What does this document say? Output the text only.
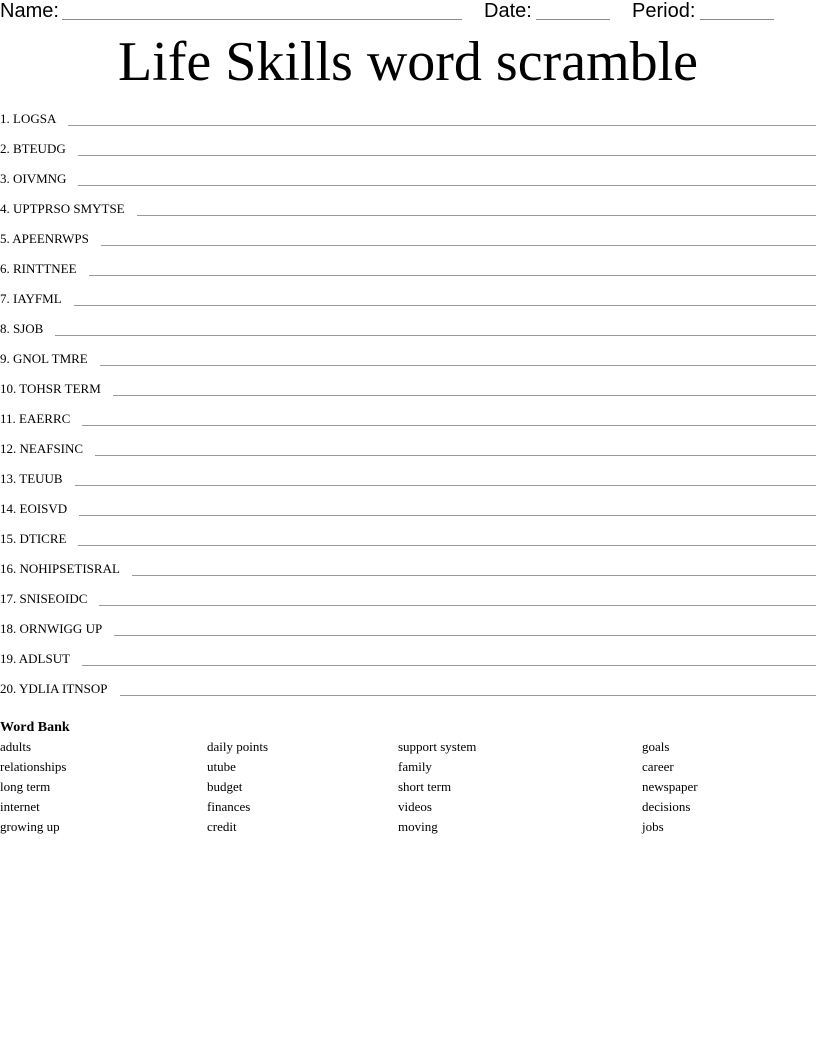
Name:	Date:	Period:
Life Skills word scramble
1. LOGSA
2. BTEUDG
3. OIVMNG
4. UPTPRSO SMYTSE
5. APEENRWPS
6. RINTTNEE
7. IAYFML
8. SJOB
9. GNOL TMRE
10. TOHSR TERM
11. EAERRC
12. NEAFSINC
13. TEUUB
14. EOISVD
15. DTICRE
16. NOHIPSETISRAL
17. SNISEOIDC
18. ORNWIGG UP
19. ADLSUT
20. YDLIA ITNSOP
Word Bank
adults
relationships
long term
internet
growing up
daily points
utube
budget
finances
credit
support system
family
short term
videos
moving
goals
career
newspaper
decisions
jobs
